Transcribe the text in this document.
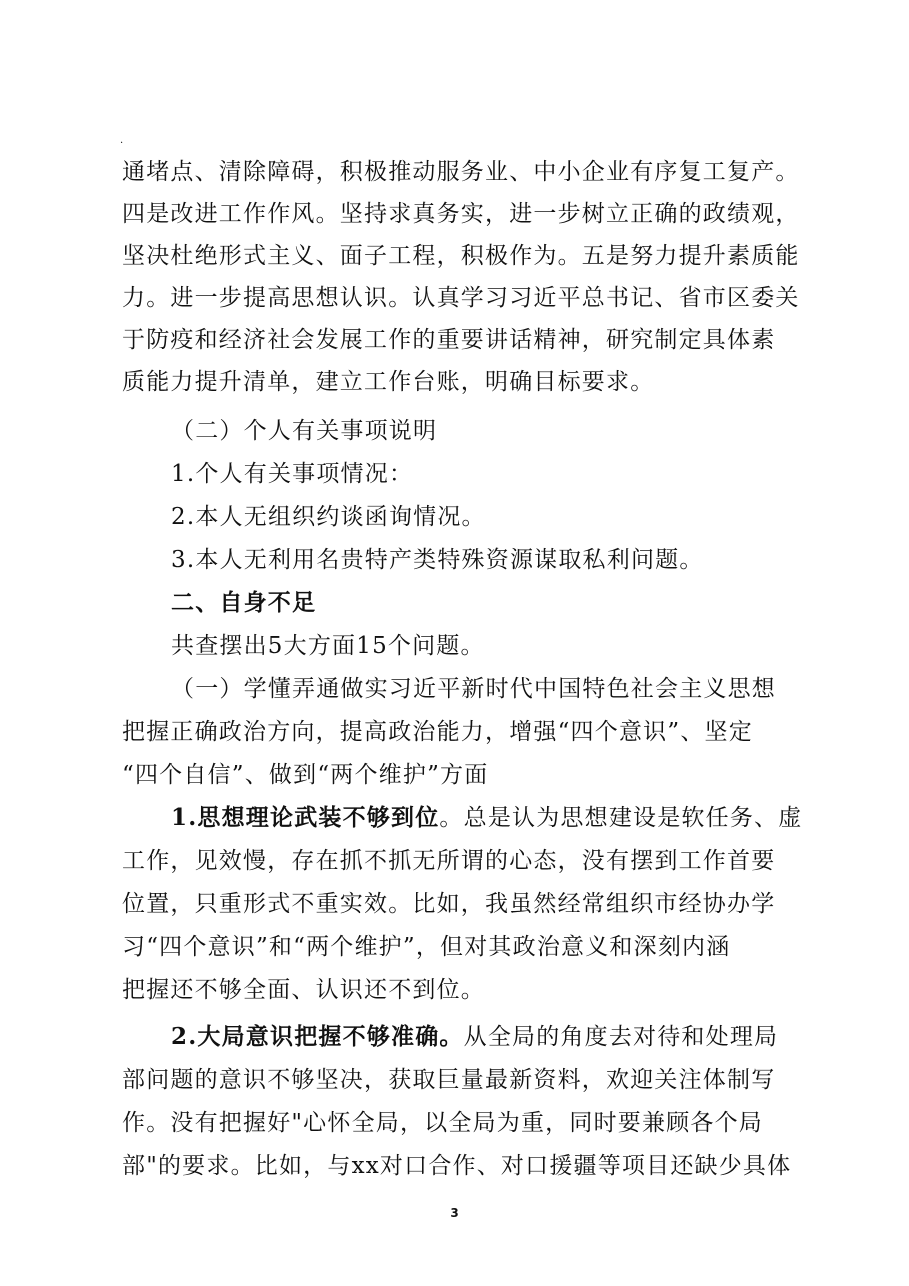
.
通堵点、清除障碍，积极推动服务业、中小企业有序复工复产。
四是改进工作作风。坚持求真务实，进一步树立正确的政绩观，
坚决杜绝形式主义、面子工程，积极作为。五是努力提升素质能
力。进一步提高思想认识。认真学习习近平总书记、省市区委关
于防疫和经济社会发展工作的重要讲话精神，研究制定具体素
质能力提升清单，建立工作台账，明确目标要求。
（二）个人有关事项说明
1.个人有关事项情况：
2.本人无组织约谈函询情况。
3.本人无利用名贵特产类特殊资源谋取私利问题。
二、自身不足
共查摆出5大方面15个问题。
（一）学懂弄通做实习近平新时代中国特色社会主义思想
把握正确政治方向，提高政治能力，增强“四个意识”、坚定
“四个自信”、做到“两个维护”方面
1.思想理论武装不够到位。总是认为思想建设是软任务、虚
工作，见效慢，存在抓不抓无所谓的心态，没有摆到工作首要
位置，只重形式不重实效。比如，我虽然经常组织市经协办学
习“四个意识”和“两个维护”，但对其政治意义和深刻内涵
把握还不够全面、认识还不到位。
2.大局意识把握不够准确。从全局的角度去对待和处理局
部问题的意识不够坚决，获取巨量最新资料，欢迎关注体制写
作。没有把握好"心怀全局，以全局为重，同时要兼顾各个局
部"的要求。比如，与xx对口合作、对口援疆等项目还缺少具体
3
